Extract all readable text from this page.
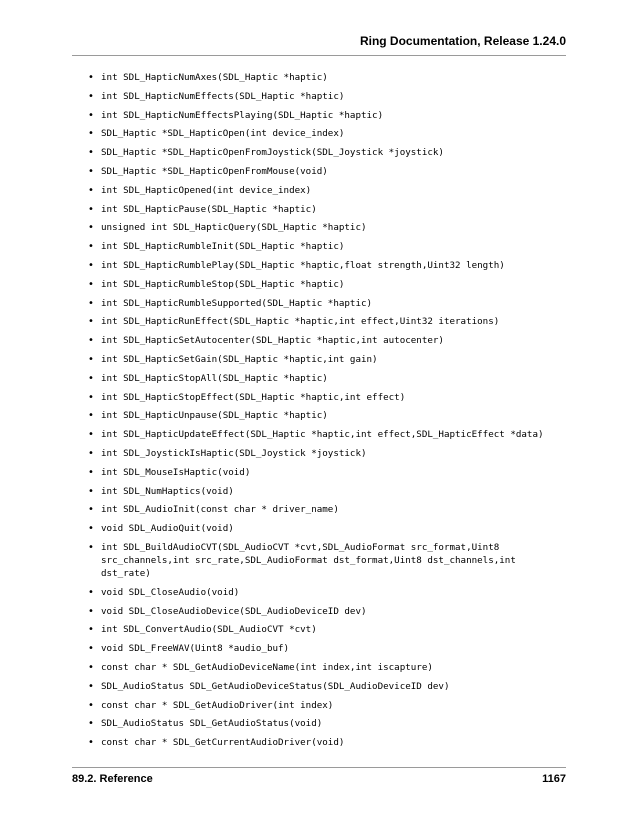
Ring Documentation, Release 1.24.0
• int SDL_HapticNumAxes(SDL_Haptic *haptic)
• int SDL_HapticNumEffects(SDL_Haptic *haptic)
• int SDL_HapticNumEffectsPlaying(SDL_Haptic *haptic)
• SDL_Haptic *SDL_HapticOpen(int device_index)
• SDL_Haptic *SDL_HapticOpenFromJoystick(SDL_Joystick *joystick)
• SDL_Haptic *SDL_HapticOpenFromMouse(void)
• int SDL_HapticOpened(int device_index)
• int SDL_HapticPause(SDL_Haptic *haptic)
• unsigned int SDL_HapticQuery(SDL_Haptic *haptic)
• int SDL_HapticRumbleInit(SDL_Haptic *haptic)
• int SDL_HapticRumblePlay(SDL_Haptic *haptic,float strength,Uint32 length)
• int SDL_HapticRumbleStop(SDL_Haptic *haptic)
• int SDL_HapticRumbleSupported(SDL_Haptic *haptic)
• int SDL_HapticRunEffect(SDL_Haptic *haptic,int effect,Uint32 iterations)
• int SDL_HapticSetAutocenter(SDL_Haptic *haptic,int autocenter)
• int SDL_HapticSetGain(SDL_Haptic *haptic,int gain)
• int SDL_HapticStopAll(SDL_Haptic *haptic)
• int SDL_HapticStopEffect(SDL_Haptic *haptic,int effect)
• int SDL_HapticUnpause(SDL_Haptic *haptic)
• int SDL_HapticUpdateEffect(SDL_Haptic *haptic,int effect,SDL_HapticEffect *data)
• int SDL_JoystickIsHaptic(SDL_Joystick *joystick)
• int SDL_MouseIsHaptic(void)
• int SDL_NumHaptics(void)
• int SDL_AudioInit(const char * driver_name)
• void SDL_AudioQuit(void)
• int SDL_BuildAudioCVT(SDL_AudioCVT *cvt,SDL_AudioFormat src_format,Uint8 src_channels,int src_rate,SDL_AudioFormat dst_format,Uint8 dst_channels,int dst_rate)
• void SDL_CloseAudio(void)
• void SDL_CloseAudioDevice(SDL_AudioDeviceID dev)
• int SDL_ConvertAudio(SDL_AudioCVT *cvt)
• void SDL_FreeWAV(Uint8 *audio_buf)
• const char * SDL_GetAudioDeviceName(int index,int iscapture)
• SDL_AudioStatus SDL_GetAudioDeviceStatus(SDL_AudioDeviceID dev)
• const char * SDL_GetAudioDriver(int index)
• SDL_AudioStatus SDL_GetAudioStatus(void)
• const char * SDL_GetCurrentAudioDriver(void)
89.2. Reference	1167
